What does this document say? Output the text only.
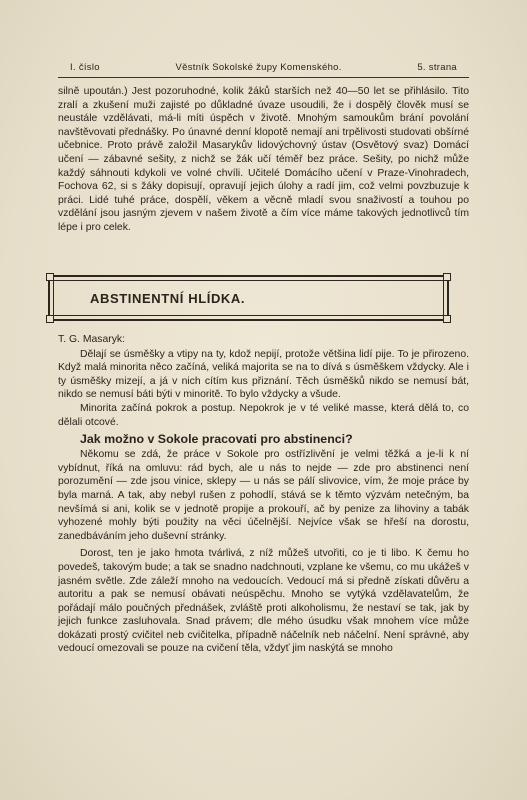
I. číslo	Věstník Sokolské župy Komenského.	5. strana

silně upoután.) Jest pozoruhodné, kolik žáků starších než 40—50 let se přihlásilo. Tito zralí a zkušení muži zajisté po důkladné úvaze usoudili, že i dospělý člověk musí se neustále vzdělávati, má-li míti úspěch v životě. Mnohým samoukům brání povolání navštěvovati přednášky. Po únavné denní klopotě nemají ani trpělivosti studovati obšírné učebnice. Proto právě založil Masarykův lidovýchovný ústav (Osvětový svaz) Domácí učení — zábavné sešity, z nichž se žák učí téměř bez práce. Sešity, po nichž může každý sáhnouti kdykoli ve volné chvíli. Učitelé Domácího učení v Praze-Vinohradech, Fochova 62, si s žáky dopisují, opravují jejich úlohy a radí jim, což velmi povzbuzuje k práci. Lidé tuhé práce, dospělí, věkem a věcně mladí svou snaživostí a touhou po vzdělání jsou jasným zjevem v našem životě a čím více máme takových jednotlivců tím lépe i pro celek.

ABSTINENTNÍ HLÍDKA.
T. G. Masaryk:

Dělají se úsměšky a vtipy na ty, kdož nepijí, protože většina lidí pije. To je přirozeno. Když malá minorita něco začíná, veliká majorita se na to dívá s úsměškem vždycky. Ale i ty úsměšky mizejí, a já v nich cítím kus přiznání. Těch úsměšků nikdo se nemusí bát, nikdo se nemusí báti býti v minoritě. To bylo vždycky a všude.

Minorita začíná pokrok a postup. Nepokrok je v té veliké masse, která dělá to, co dělali otcové.

Jak možno v Sokole pracovati pro abstinenci?

Někomu se zdá, že práce v Sokole pro ostřízlivění je velmi těžká a je-li k ní vybídnut, říká na omluvu: rád bych, ale u nás to nejde — zde pro abstinenci není porozumění — zde jsou vinice, sklepy — u nás se pálí slivovice, vím, že moje práce by byla marná. A tak, aby nebyl rušen z pohodlí, stává se k těmto výzvám netečným, ba nevšímá si ani, kolik se v jednotě propije a prokouří, ač by penize za lihoviny a tabák vyhozené mohly býti použity na věci účelnější. Nejvíce však se hřeší na dorostu, zanedbáváním jeho duševní stránky.

Dorost, ten je jako hmota tvárlivá, z níž můžeš utvořiti, co je ti libo. K čemu ho povedeš, takovým bude; a tak se snadno nadchnouti, vzplane ke všemu, co mu ukážeš v jasném světle. Zde záleží mnoho na vedoucích. Vedoucí má si předně získati důvěru a autoritu a pak se nemusí obávati neúspěchu. Mnoho se vytýká vzdělavatelům, že pořádají málo poučných přednášek, zvláště proti alkoholismu, že nestaví se tak, jak by jejich funkce zasluhovala. Snad právem; dle mého úsudku však mnohem více může dokázati prostý cvičitel neb cvičitelka, případně náčelník neb náčelní. Není správné, aby vedoucí omezovali se pouze na cvičení těla, vždyť jim naskýtá se mnoho
